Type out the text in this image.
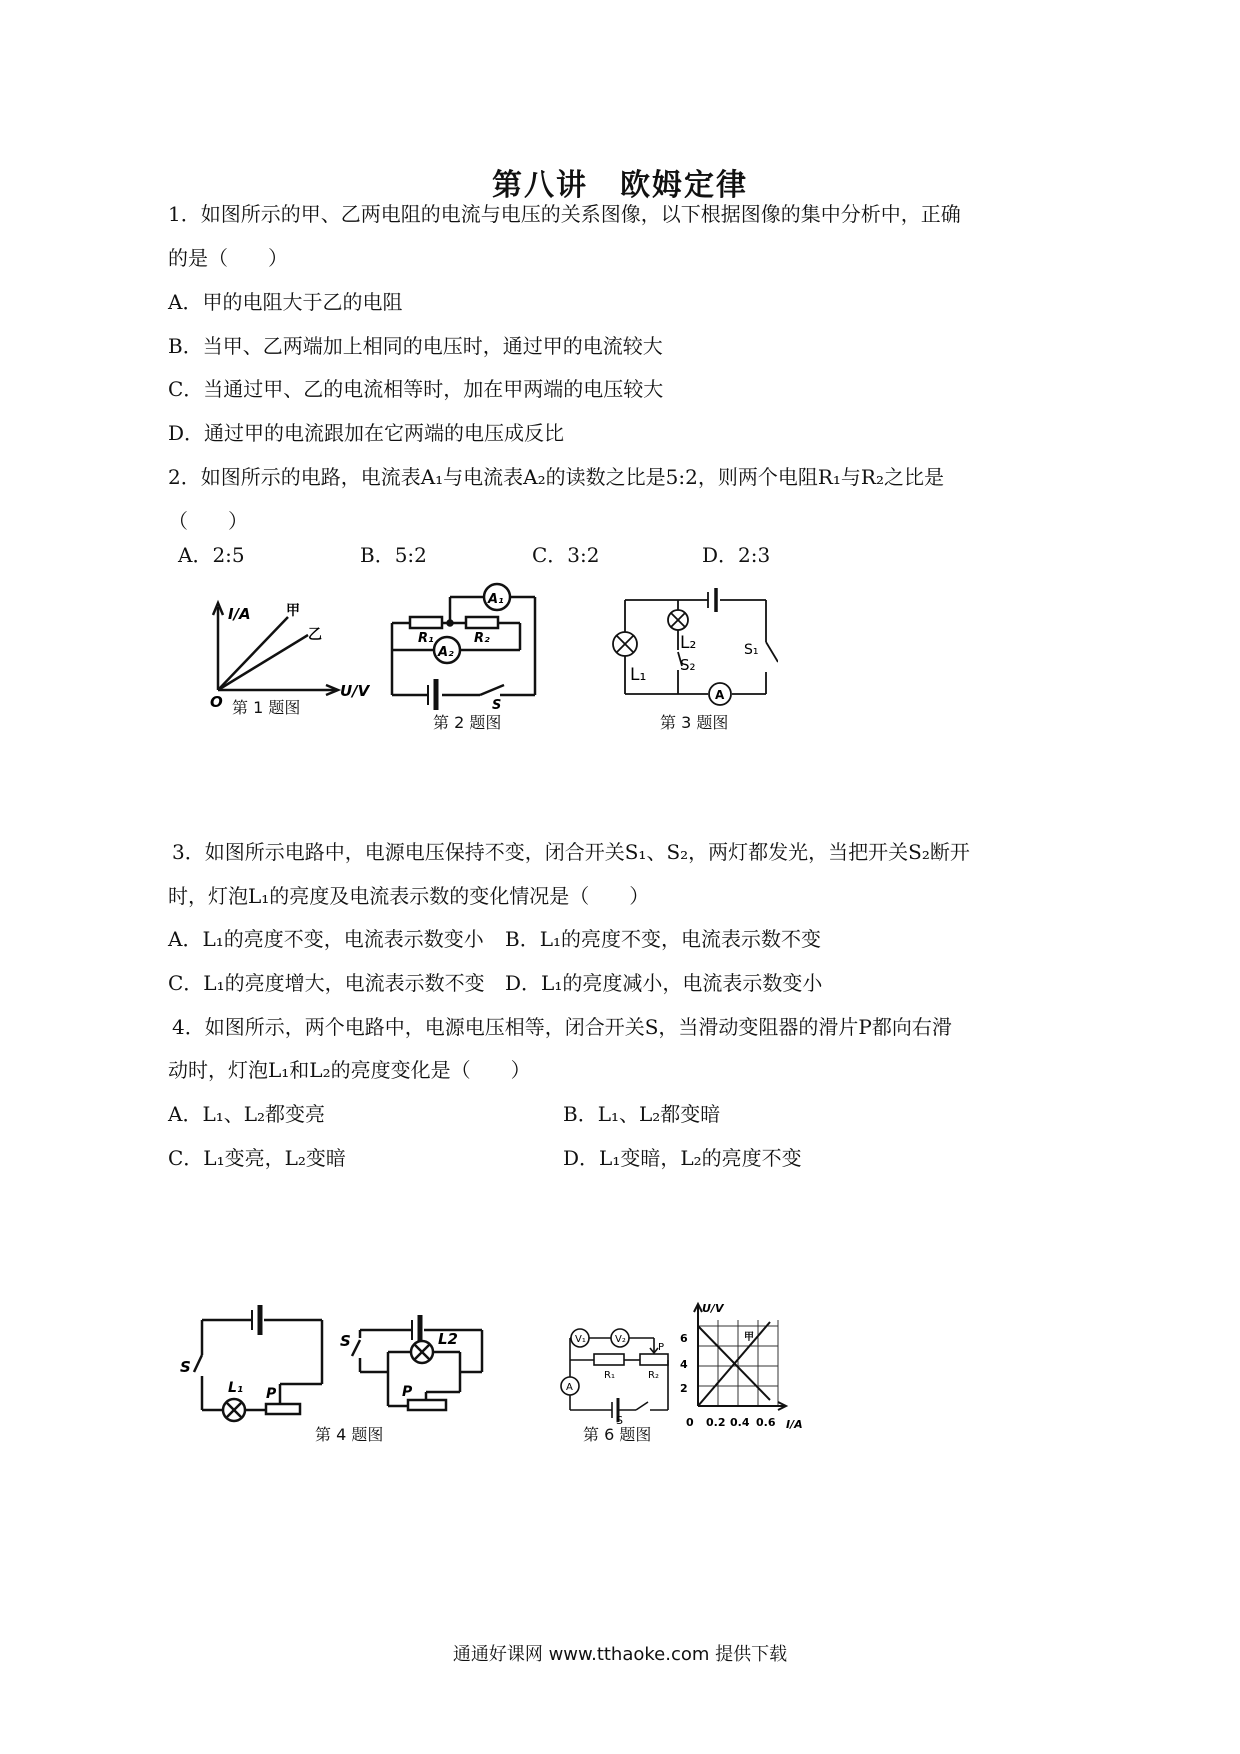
第八讲　欧姆定律
1．如图所示的甲、乙两电阻的电流与电压的关系图像，以下根据图像的集中分析中，正确
的是（　　）
A．甲的电阻大于乙的电阻
B．当甲、乙两端加上相同的电压时，通过甲的电流较大
C．当通过甲、乙的电流相等时，加在甲两端的电压较大
D．通过甲的电流跟加在它两端的电压成反比
2．如图所示的电路，电流表A₁与电流表A₂的读数之比是5:2，则两个电阻R₁与R₂之比是
（　　）
A．2:5	B．5:2	C．3:2	D．2:3
I/A
U/V
O
甲
乙
第 1 题图
A₁
A₂
R₁	R₂
S
第 2 题图
L₁
L₂
S₂
S₁
A
第 3 题图
3．如图所示电路中，电源电压保持不变，闭合开关S₁、S₂，两灯都发光，当把开关S₂断开
时，灯泡L₁的亮度及电流表示数的变化情况是（　　）
A．L₁的亮度不变，电流表示数变小 B．L₁的亮度不变，电流表示数不变
C．L₁的亮度增大，电流表示数不变 D．L₁的亮度减小，电流表示数变小
4．如图所示，两个电路中，电源电压相等，闭合开关S，当滑动变阻器的滑片P都向右滑
动时，灯泡L₁和L₂的亮度变化是（　　）
A．L₁、L₂都变亮	B．L₁、L₂都变暗
C．L₁变亮，L₂变暗	D．L₁变暗，L₂的亮度不变
S
L₁ P
S	L2
P
第 4 题图
V₁	V₂
P
R₁	R₂
A
S
第 6 题图
U/V
I/A
甲
6
4
2
0 0.2 0.4 0.6
通通好课网 www.tthaoke.com 提供下载
